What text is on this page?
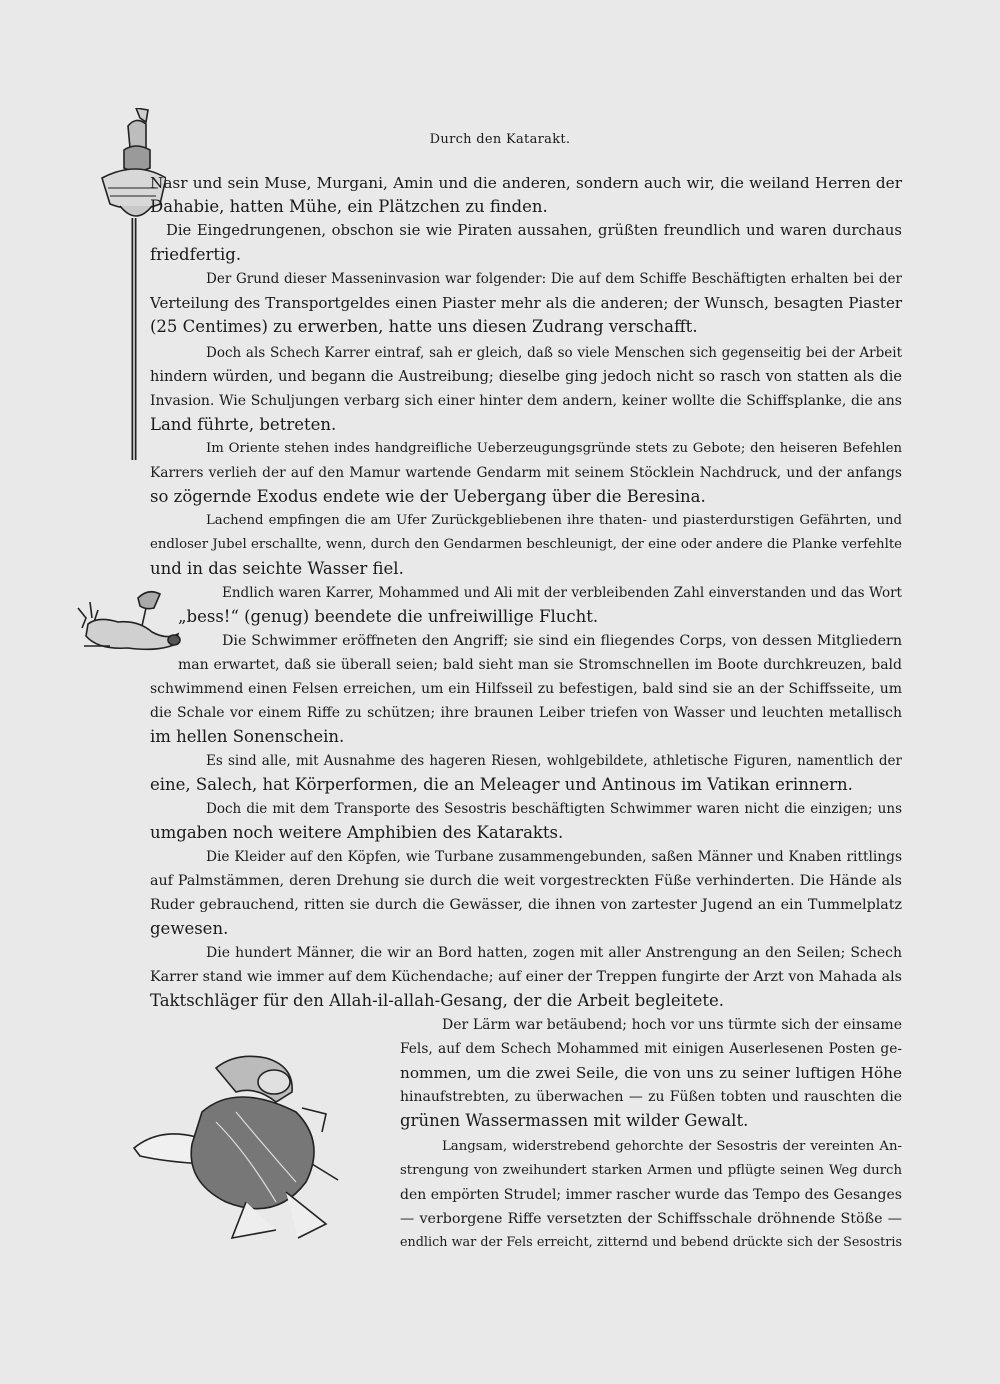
Durch den Katarakt.
Nasr und sein Muse, Murgani, Amin und die anderen, sondern auch wir, die weiland Herren der
Dahabie, hatten Mühe, ein Plätzchen zu finden.
Die Eingedrungenen, obschon sie wie Piraten aussahen, grüßten freundlich und waren durchaus
friedfertig.
Der Grund dieser Masseninvasion war folgender: Die auf dem Schiffe Beschäftigten erhalten bei der
Verteilung des Transportgeldes einen Piaster mehr als die anderen; der Wunsch, besagten Piaster
(25 Centimes) zu erwerben, hatte uns diesen Zudrang verschafft.
Doch als Schech Karrer eintraf, sah er gleich, daß so viele Menschen sich gegenseitig bei der Arbeit
hindern würden, und begann die Austreibung; dieselbe ging jedoch nicht so rasch von statten als die
Invasion. Wie Schuljungen verbarg sich einer hinter dem andern, keiner wollte die Schiffsplanke, die ans
Land führte, betreten.
Im Oriente stehen indes handgreifliche Ueberzeugungsgründe stets zu Gebote; den heiseren Befehlen
Karrers verlieh der auf den Mamur wartende Gendarm mit seinem Stöcklein Nachdruck, und der anfangs
so zögernde Exodus endete wie der Uebergang über die Beresina.
Lachend empfingen die am Ufer Zurückgebliebenen ihre thaten- und piasterdurstigen Gefährten, und
endloser Jubel erschallte, wenn, durch den Gendarmen beschleunigt, der eine oder andere die Planke verfehlte
und in das seichte Wasser fiel.
Endlich waren Karrer, Mohammed und Ali mit der verbleibenden Zahl einverstanden und das Wort
„bess!“ (genug) beendete die unfreiwillige Flucht.
Die Schwimmer eröffneten den Angriff; sie sind ein fliegendes Corps, von dessen Mitgliedern
man erwartet, daß sie überall seien; bald sieht man sie Stromschnellen im Boote durchkreuzen, bald
schwimmend einen Felsen erreichen, um ein Hilfsseil zu befestigen, bald sind sie an der Schiffsseite, um
die Schale vor einem Riffe zu schützen; ihre braunen Leiber triefen von Wasser und leuchten metallisch
im hellen Sonenschein.
Es sind alle, mit Ausnahme des hageren Riesen, wohlgebildete, athletische Figuren, namentlich der
eine, Salech, hat Körperformen, die an Meleager und Antinous im Vatikan erinnern.
Doch die mit dem Transporte des Sesostris beschäftigten Schwimmer waren nicht die einzigen; uns
umgaben noch weitere Amphibien des Katarakts.
Die Kleider auf den Köpfen, wie Turbane zusammengebunden, saßen Männer und Knaben rittlings
auf Palmstämmen, deren Drehung sie durch die weit vorgestreckten Füße verhinderten. Die Hände als
Ruder gebrauchend, ritten sie durch die Gewässer, die ihnen von zartester Jugend an ein Tummelplatz
gewesen.
Die hundert Männer, die wir an Bord hatten, zogen mit aller Anstrengung an den Seilen; Schech
Karrer stand wie immer auf dem Küchendache; auf einer der Treppen fungirte der Arzt von Mahada als
Taktschläger für den Allah-il-allah-Gesang, der die Arbeit begleitete.
Der Lärm war betäubend; hoch vor uns türmte sich der einsame
Fels, auf dem Schech Mohammed mit einigen Auserlesenen Posten ge-
nommen, um die zwei Seile, die von uns zu seiner luftigen Höhe
hinaufstrebten, zu überwachen — zu Füßen tobten und rauschten die
grünen Wassermassen mit wilder Gewalt.
Langsam, widerstrebend gehorchte der Sesostris der vereinten An-
strengung von zweihundert starken Armen und pflügte seinen Weg durch
den empörten Strudel; immer rascher wurde das Tempo des Gesanges
— verborgene Riffe versetzten der Schiffsschale dröhnende Stöße —
endlich war der Fels erreicht, zitternd und bebend drückte sich der Sesostris
